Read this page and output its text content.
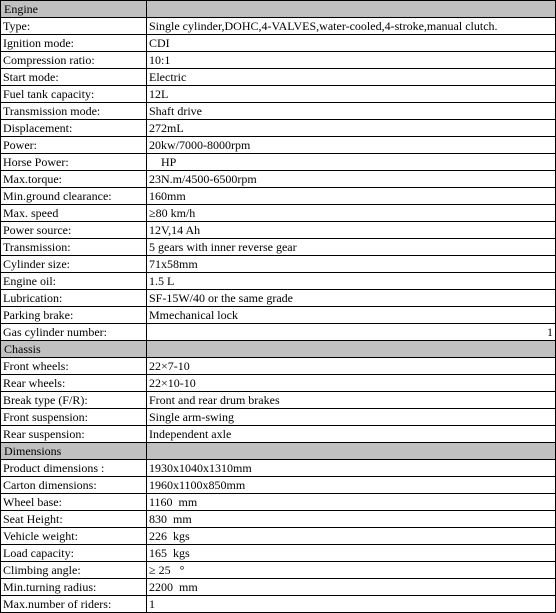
Engine	
Type:	Single cylinder,DOHC,4-VALVES,water-cooled,4-stroke,manual clutch.
Ignition mode:	CDI
Compression ratio:	10:1
Start mode:	Electric
Fuel tank capacity:	12L
Transmission mode:	Shaft drive
Displacement:	272mL
Power:	20kw/7000-8000rpm
Horse Power:	HP
Max.torque:	23N.m/4500-6500rpm
Min.ground clearance:	160mm
Max. speed	≥80 km/h
Power source:	12V,14 Ah
Transmission:	5 gears with inner reverse gear
Cylinder size:	71x58mm
Engine oil:	1.5 L
Lubrication:	SF-15W/40 or the same grade
Parking brake:	Mmechanical lock
Gas cylinder number:	1
Chassis	
Front wheels:	22×7-10
Rear wheels:	22×10-10
Break type (F/R):	Front and rear drum brakes
Front suspension:	Single arm-swing
Rear suspension:	Independent axle
Dimensions	
Product dimensions :	1930x1040x1310mm
Carton dimensions:	1960x1100x850mm
Wheel base:	1160  mm
Seat Height:	830  mm
Vehicle weight:	226  kgs
Load capacity:	165  kgs
Climbing angle:	≥ 25   °
Min.turning radius:	2200  mm
Max.number of riders:	1
